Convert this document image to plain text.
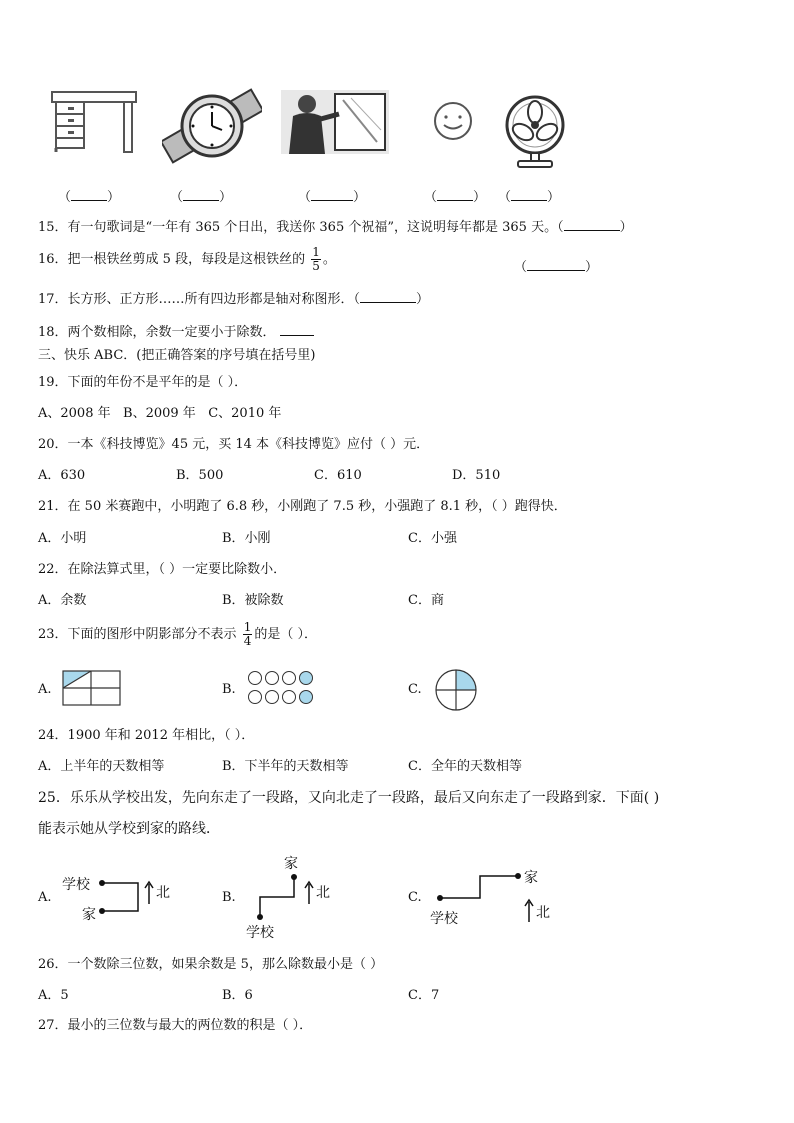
（	）	（	）	（	）	（	） （	）
15．有一句歌词是“一年有 365 个日出，我送你 365 个祝福”，这说明每年都是 365 天。（	）
16．把一根铁丝剪成 5 段，每段是这根铁丝的 $\frac{1}{5}$ 。
（	）
17．长方形、正方形……所有四边形都是轴对称图形．（	）
18．两个数相除，余数一定要小于除数．
三、快乐 ABC．(把正确答案的序号填在括号里)
19．下面的年份不是平年的是（ ）．
A、2008 年 B、2009 年 C、2010 年
20．一本《科技博览》45 元，买 14 本《科技博览》应付（ ）元．
A．630	B．500	C．610	D．510
21．在 50 米赛跑中，小明跑了 6.8 秒，小刚跑了 7.5 秒，小强跑了 8.1 秒，（ ）跑得快．
A．小明	B．小刚	C．小强
22．在除法算式里，（ ）一定要比除数小．
A．余数	B．被除数	C．商
23．下面的图形中阴影部分不表示 $\frac{1}{4}$ 的是（ ）．
A.	B.	C.
24．1900 年和 2012 年相比，（ ）．
A．上半年的天数相等	B．下半年的天数相等	C．全年的天数相等
25．乐乐从学校出发，先向东走了一段路，又向北走了一段路，最后又向东走了一段路到家．下面( )
能表示她从学校到家的路线．
A.
学校
家
北	B.
家
学校
北	C.
学校
家
北
26．一个数除三位数，如果余数是 5，那么除数最小是（ ）
A．5	B．6	C．7
27．最小的三位数与最大的两位数的积是（ ）．
